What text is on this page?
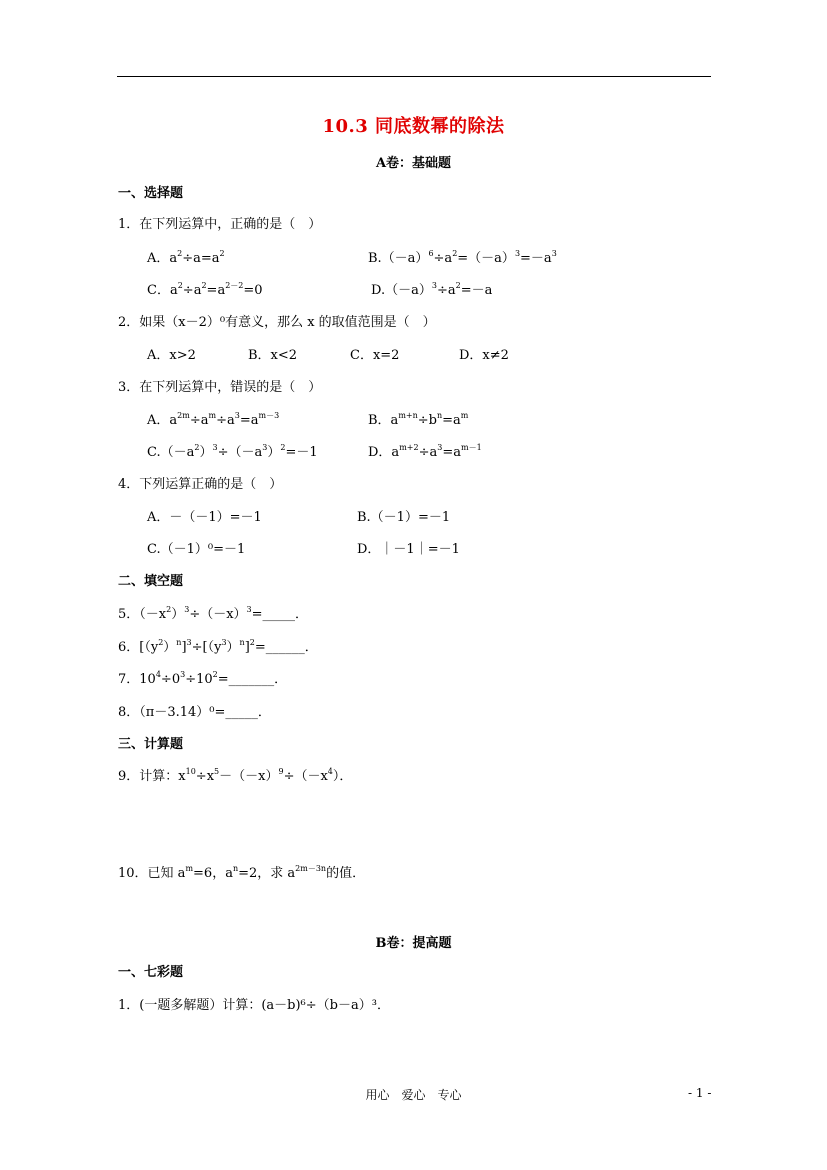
10.3 同底数幂的除法
A卷：基础题
一、选择题
1．在下列运算中，正确的是（　）
A．$a^2\div a=a^2$	$B.(-a)^6\div a^2=(-a)^3=-a^3$
C．$a^2\div a^2=a^{2-2}=0$	$D.(-a)^3\div a^2=-a$
2．如果（x－2）⁰有意义，那么 x 的取值范围是（　）
A．x>2	B．x<2	C．x=2	D．x≠2
3．在下列运算中，错误的是（　）
A．$a^{2m}\div a^m\div a^3=a^{m-3}$	B．$a^{m+n}\div b^n=a^m$
$C.(-a^2)^3\div(-a^3)^2=-1$	D．$a^{m+2}\div a^3=a^{m-1}$
4．下列运算正确的是（　）
A．－（－1）=－1	B.（－1）=－1
C.（－1）⁰=－1	D．｜－1｜=－1
二、填空题
5．$(-x^2)^3\div(-x)^3=\_\_\_\_\_$．
6．$[(y^2)^n]^3\div[(y^3)^n]^2=\_\_\_\_\_\_$．
7．$10^4\div 0^3\div 10^2=\_\_\_\_\_\_\_$．
8．（π－3.14）⁰=_____．
三、计算题
9．计算：$x^{10}\div x^5-(-x)^9\div(-x^4)$．
10．已知 $a^m=6$，$a^n=2$，求 $a^{2m-3n}$的值．
B卷：提高题
一、七彩题
1．(一题多解题）计算：(a－b)⁶÷（b－a）³．
用心　爱心　专心	- 1 -
